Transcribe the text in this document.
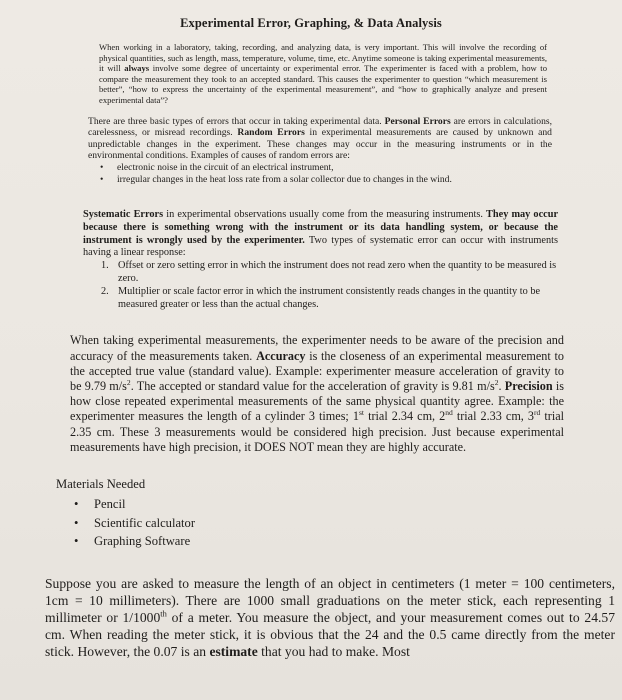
Experimental Error, Graphing, & Data Analysis

When working in a laboratory, taking, recording, and analyzing data, is very important. This will involve the recording of physical quantities, such as length, mass, temperature, volume, time, etc. Anytime someone is taking experimental measurements, it will always involve some degree of uncertainty or experimental error. The experimenter is faced with a problem, how to compare the measurement they took to an accepted standard. This causes the experimenter to question “which measurement is better”, “how to express the uncertainty of the experimental measurement”, and “how to graphically analyze and present experimental data”?

There are three basic types of errors that occur in taking experimental data. Personal Errors are errors in calculations, carelessness, or misread recordings. Random Errors in experimental measurements are caused by unknown and unpredictable changes in the experiment. These changes may occur in the measuring instruments or in the environmental conditions. Examples of causes of random errors are:

• electronic noise in the circuit of an electrical instrument,
• irregular changes in the heat loss rate from a solar collector due to changes in the wind.

Systematic Errors in experimental observations usually come from the measuring instruments. They may occur because there is something wrong with the instrument or its data handling system, or because the instrument is wrongly used by the experimenter. Two types of systematic error can occur with instruments having a linear response:

1. Offset or zero setting error in which the instrument does not read zero when the quantity to be measured is zero.
2. Multiplier or scale factor error in which the instrument consistently reads changes in the quantity to be measured greater or less than the actual changes.

When taking experimental measurements, the experimenter needs to be aware of the precision and accuracy of the measurements taken. Accuracy is the closeness of an experimental measurement to the accepted true value (standard value). Example: experimenter measure acceleration of gravity to be 9.79 $m/s^2$. The accepted or standard value for the acceleration of gravity is 9.81 $m/s^2$. Precision is how close repeated experimental measurements of the same physical quantity agree. Example: the experimenter measures the length of a cylinder 3 times; 1st trial 2.34 cm, 2nd trial 2.33 cm, 3rd trial 2.35 cm. These 3 measurements would be considered high precision. Just because experimental measurements have high precision, it DOES NOT mean they are highly accurate.

Materials Needed
• Pencil
• Scientific calculator
• Graphing Software

Suppose you are asked to measure the length of an object in centimeters (1 meter = 100 centimeters, 1cm = 10 millimeters). There are 1000 small graduations on the meter stick, each representing 1 millimeter or 1/1000th of a meter. You measure the object, and your measurement comes out to 24.57 cm. When reading the meter stick, it is obvious that the 24 and the 0.5 came directly from the meter stick. However, the 0.07 is an estimate that you had to make. Most
